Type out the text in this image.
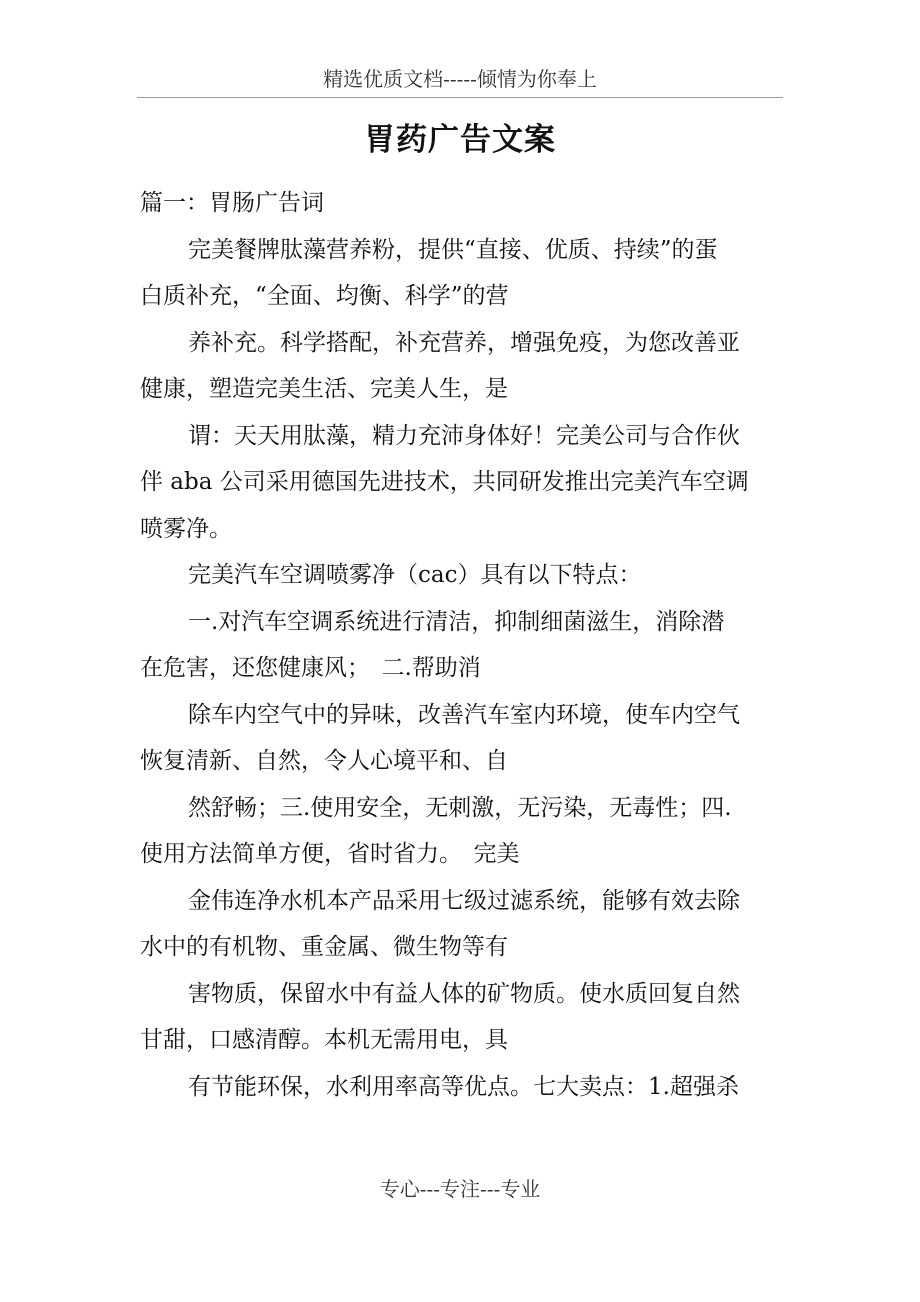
精选优质文档-----倾情为你奉上
胃药广告文案
篇一：胃肠广告词
完美餐牌肽藻营养粉，提供“直接、优质、持续”的蛋
白质补充，“全面、均衡、科学”的营
养补充。科学搭配，补充营养，增强免疫，为您改善亚
健康，塑造完美生活、完美人生，是
谓：天天用肽藻，精力充沛身体好！完美公司与合作伙
伴 aba 公司采用德国先进技术，共同研发推出完美汽车空调
喷雾净。
完美汽车空调喷雾净（cac）具有以下特点：
一.对汽车空调系统进行清洁，抑制细菌滋生，消除潜
在危害，还您健康风；　二.帮助消
除车内空气中的异味，改善汽车室内环境，使车内空气
恢复清新、自然，令人心境平和、自
然舒畅；三.使用安全，无刺激，无污染，无毒性；四.
使用方法简单方便，省时省力。　完美
金伟连净水机本产品采用七级过滤系统，能够有效去除
水中的有机物、重金属、微生物等有
害物质，保留水中有益人体的矿物质。使水质回复自然
甘甜，口感清醇。本机无需用电，具
有节能环保，水利用率高等优点。七大卖点：1.超强杀
专心---专注---专业
